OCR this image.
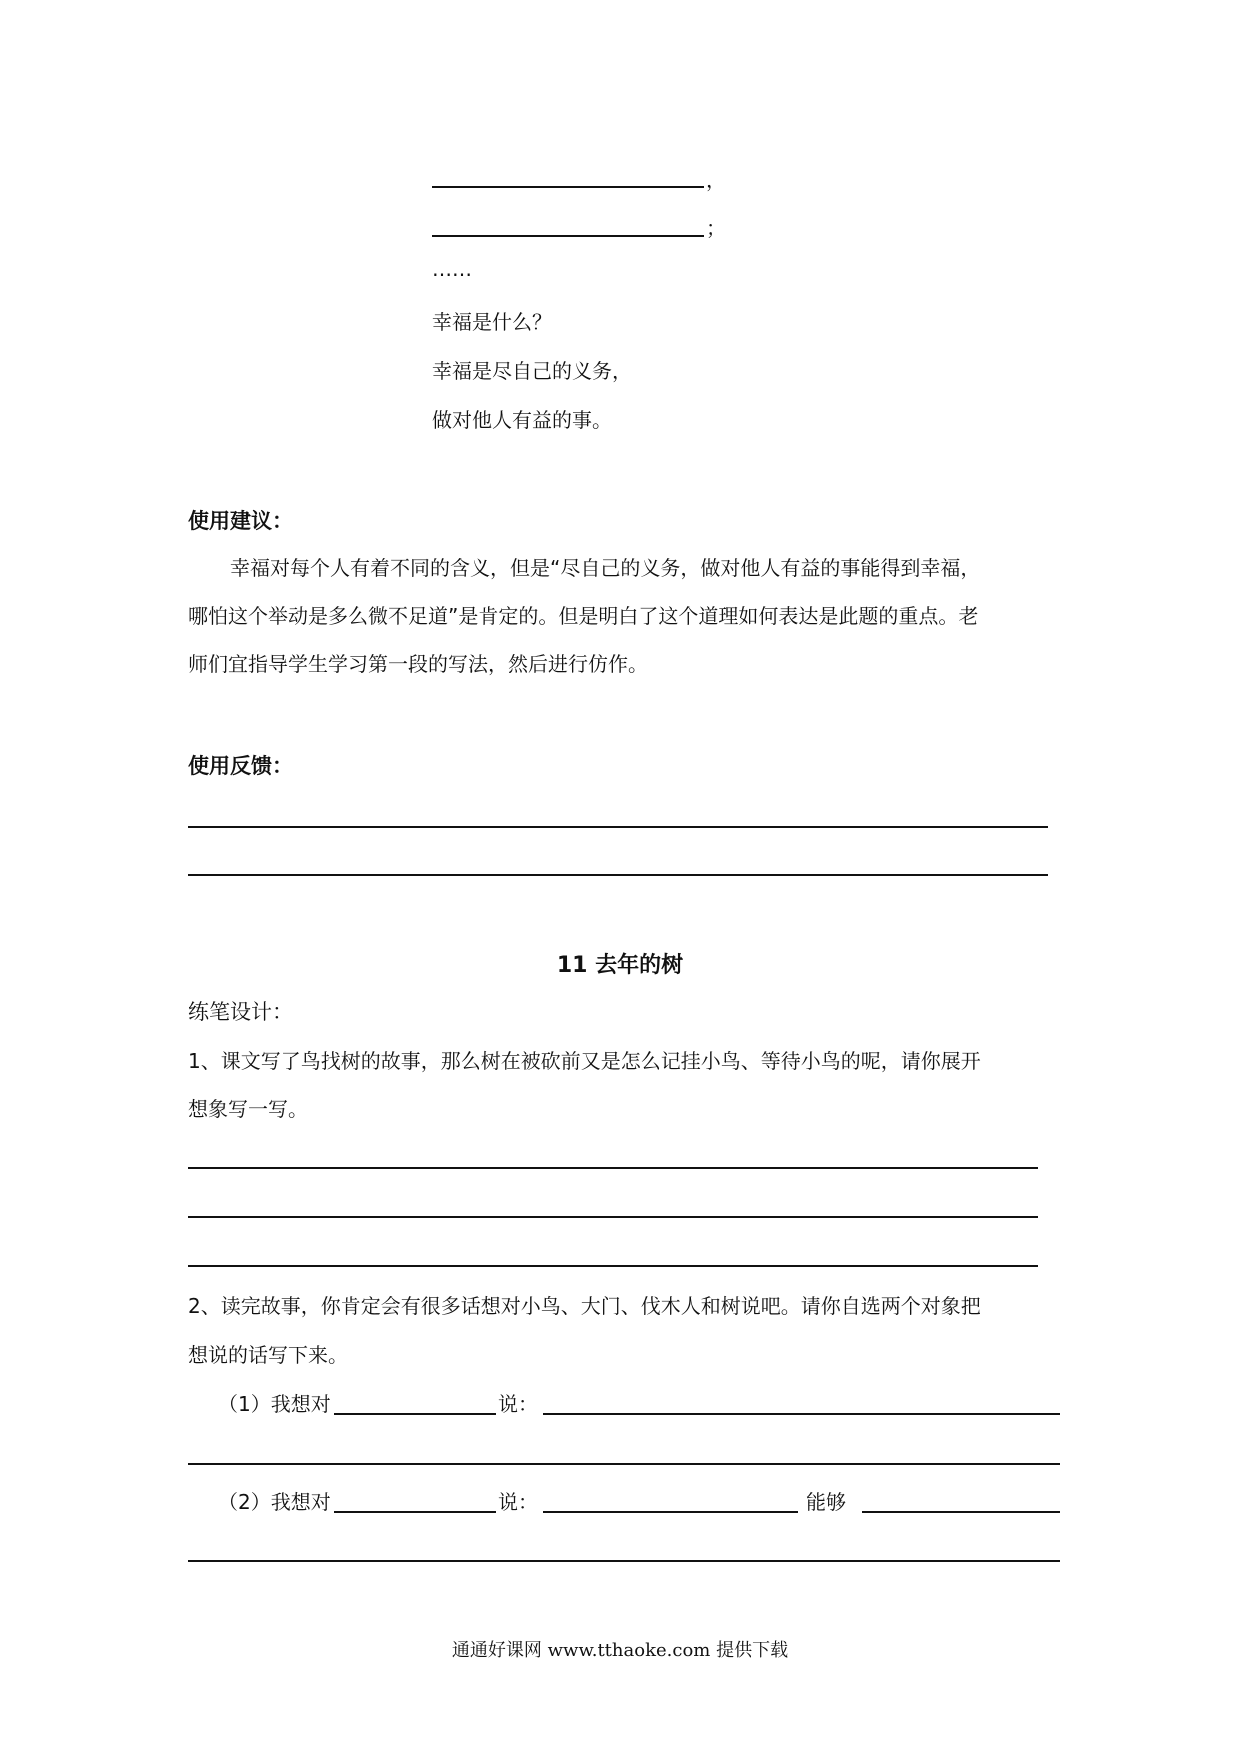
，
；
……
幸福是什么？
幸福是尽自己的义务，
做对他人有益的事。
使用建议：
幸福对每个人有着不同的含义，但是“尽自己的义务，做对他人有益的事能得到幸福，
哪怕这个举动是多么微不足道”是肯定的。但是明白了这个道理如何表达是此题的重点。老
师们宜指导学生学习第一段的写法，然后进行仿作。
使用反馈：
11 去年的树
练笔设计：
1、课文写了鸟找树的故事，那么树在被砍前又是怎么记挂小鸟、等待小鸟的呢，请你展开
想象写一写。
2、读完故事，你肯定会有很多话想对小鸟、大门、伐木人和树说吧。请你自选两个对象把
想说的话写下来。
（1）我想对	说：
（2）我想对	说：	能够
通通好课网 www.tthaoke.com 提供下载
